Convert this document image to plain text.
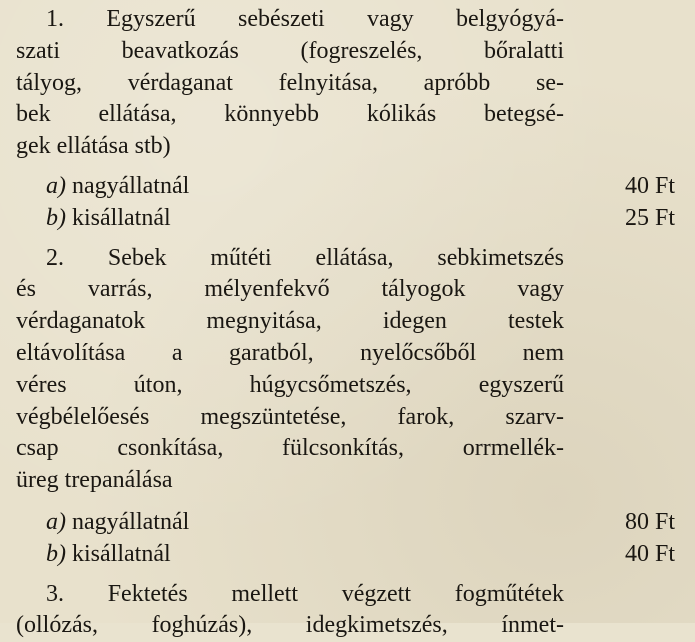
1. Egyszerű sebészeti vagy belgyógyá-
szati beavatkozás (fogreszelés, bőralatti
tályog, vérdaganat felnyitása, apróbb se-
bek ellátása, könnyebb kólikás betegsé-
gek ellátása stb)
a) nagyállatnál	40 Ft
b) kisállatnál	25 Ft
2. Sebek műtéti ellátása, sebkimetszés
és varrás, mélyenfekvő tályogok vagy
vérdaganatok megnyitása, idegen testek
eltávolítása a garatból, nyelőcsőből nem
véres úton, húgycsőmetszés, egyszerű
végbélelőesés megszüntetése, farok, szarv-
csap csonkítása, fülcsonkítás, orrmellék-
üreg trepanálása
a) nagyállatnál	80 Ft
b) kisállatnál	40 Ft
3. Fektetés mellett végzett fogműtétek
(ollózás, foghúzás), idegkimetszés, ínmet-
